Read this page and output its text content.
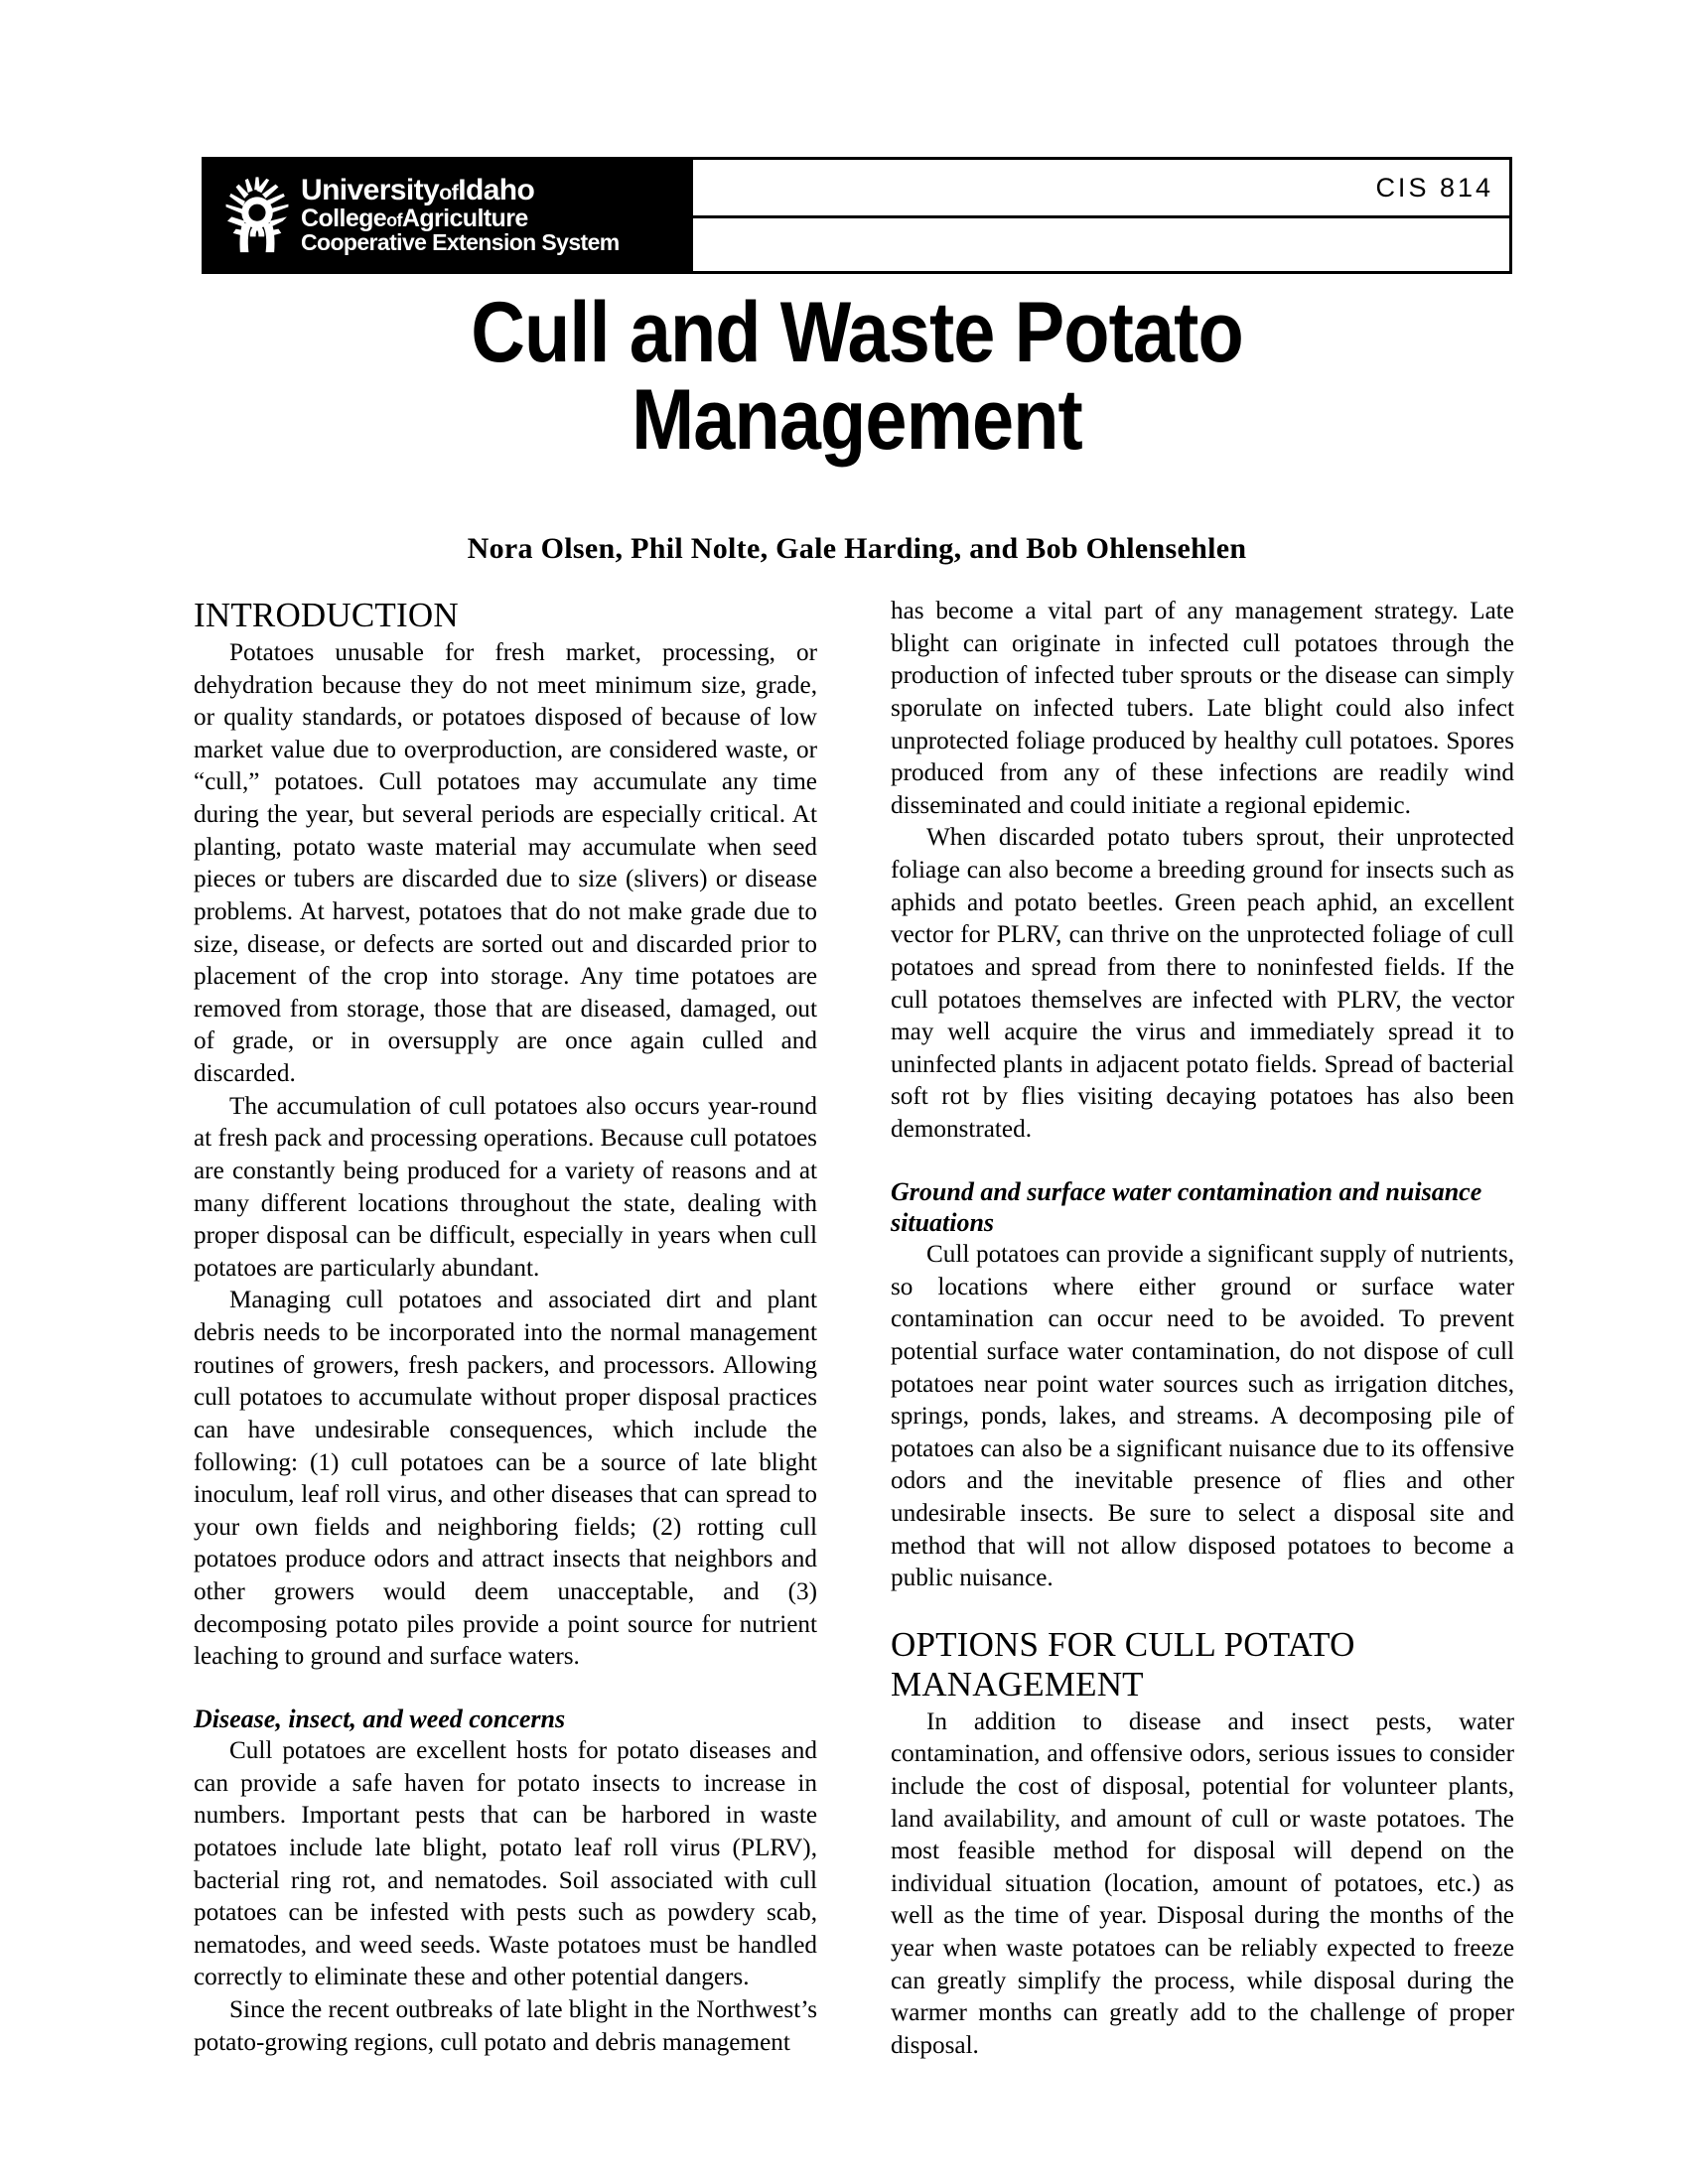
UniversityofIdaho
CollegeofAgriculture
Cooperative Extension System
CIS 814
Cull and Waste Potato
Management
Nora Olsen, Phil Nolte, Gale Harding, and Bob Ohlensehlen
INTRODUCTION

Potatoes unusable for fresh market, processing, or dehydration because they do not meet minimum size, grade, or quality standards, or potatoes disposed of because of low market value due to overproduction, are considered waste, or “cull,” potatoes. Cull potatoes may accumulate any time during the year, but several periods are especially critical. At planting, potato waste material may accumulate when seed pieces or tubers are discarded due to size (slivers) or disease problems. At harvest, potatoes that do not make grade due to size, disease, or defects are sorted out and discarded prior to placement of the crop into storage. Any time potatoes are removed from storage, those that are diseased, damaged, out of grade, or in oversupply are once again culled and discarded.

The accumulation of cull potatoes also occurs year-round at fresh pack and processing operations. Because cull potatoes are constantly being produced for a variety of reasons and at many different locations throughout the state, dealing with proper disposal can be difficult, especially in years when cull potatoes are particularly abundant.

Managing cull potatoes and associated dirt and plant debris needs to be incorporated into the normal management routines of growers, fresh packers, and processors. Allowing cull potatoes to accumulate without proper disposal practices can have undesirable consequences, which include the following: (1) cull potatoes can be a source of late blight inoculum, leaf roll virus, and other diseases that can spread to your own fields and neighboring fields; (2) rotting cull potatoes produce odors and attract insects that neighbors and other growers would deem unacceptable, and (3) decomposing potato piles provide a point source for nutrient leaching to ground and surface waters.

Disease, insect, and weed concerns

Cull potatoes are excellent hosts for potato diseases and can provide a safe haven for potato insects to increase in numbers. Important pests that can be harbored in waste potatoes include late blight, potato leaf roll virus (PLRV), bacterial ring rot, and nematodes. Soil associated with cull potatoes can be infested with pests such as powdery scab, nematodes, and weed seeds. Waste potatoes must be handled correctly to eliminate these and other potential dangers.

Since the recent outbreaks of late blight in the Northwest’s potato-growing regions, cull potato and debris management

has become a vital part of any management strategy. Late blight can originate in infected cull potatoes through the production of infected tuber sprouts or the disease can simply sporulate on infected tubers. Late blight could also infect unprotected foliage produced by healthy cull potatoes. Spores produced from any of these infections are readily wind disseminated and could initiate a regional epidemic.

When discarded potato tubers sprout, their unprotected foliage can also become a breeding ground for insects such as aphids and potato beetles. Green peach aphid, an excellent vector for PLRV, can thrive on the unprotected foliage of cull potatoes and spread from there to noninfested fields. If the cull potatoes themselves are infected with PLRV, the vector may well acquire the virus and immediately spread it to uninfected plants in adjacent potato fields. Spread of bacterial soft rot by flies visiting decaying potatoes has also been demonstrated.

Ground and surface water contamination and nuisance situations

Cull potatoes can provide a significant supply of nutrients, so locations where either ground or surface water contamination can occur need to be avoided. To prevent potential surface water contamination, do not dispose of cull potatoes near point water sources such as irrigation ditches, springs, ponds, lakes, and streams. A decomposing pile of potatoes can also be a significant nuisance due to its offensive odors and the inevitable presence of flies and other undesirable insects. Be sure to select a disposal site and method that will not allow disposed potatoes to become a public nuisance.

OPTIONS FOR CULL POTATO MANAGEMENT

In addition to disease and insect pests, water contamination, and offensive odors, serious issues to consider include the cost of disposal, potential for volunteer plants, land availability, and amount of cull or waste potatoes. The most feasible method for disposal will depend on the individual situation (location, amount of potatoes, etc.) as well as the time of year. Disposal during the months of the year when waste potatoes can be reliably expected to freeze can greatly simplify the process, while disposal during the warmer months can greatly add to the challenge of proper disposal.
